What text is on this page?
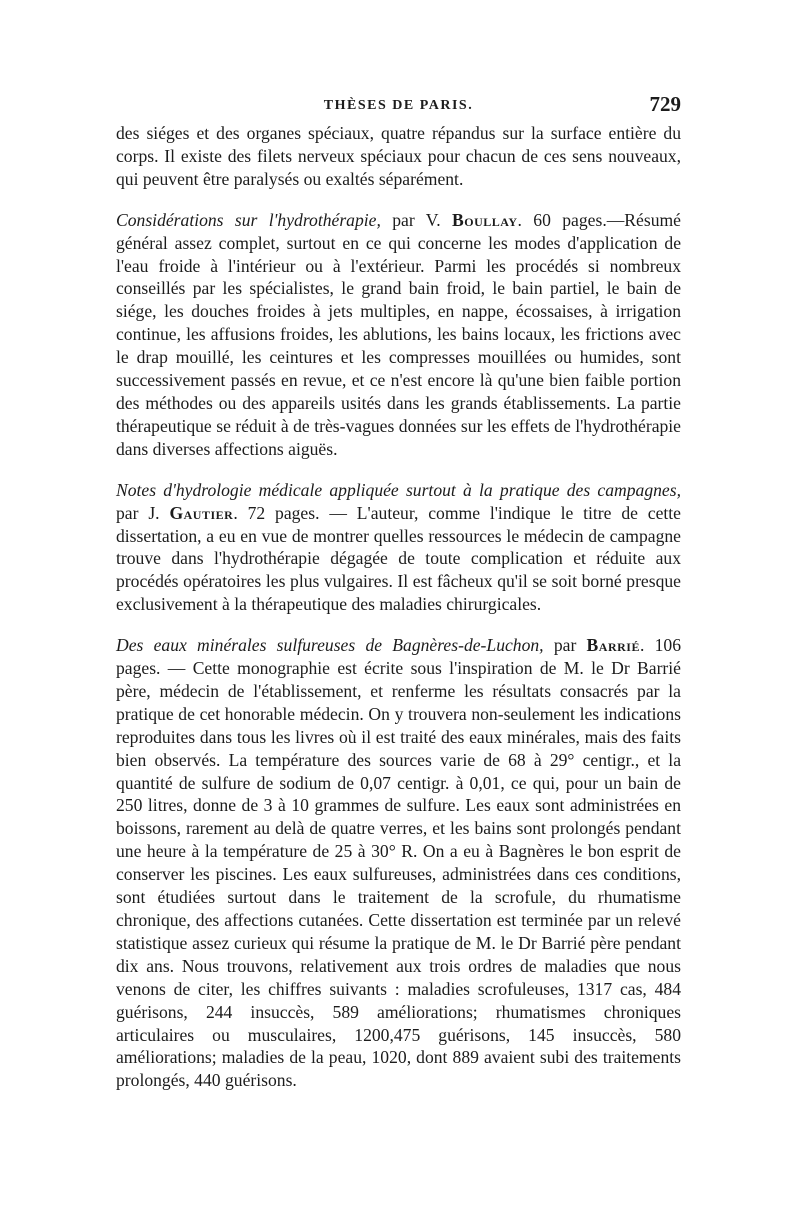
THÈSES DE PARIS.	729

des siéges et des organes spéciaux, quatre répandus sur la surface entière du corps. Il existe des filets nerveux spéciaux pour chacun de ces sens nouveaux, qui peuvent être paralysés ou exaltés séparément.

Considérations sur l'hydrothérapie, par V. Boullay. 60 pages.—Résumé général assez complet, surtout en ce qui concerne les modes d'application de l'eau froide à l'intérieur ou à l'extérieur. Parmi les procédés si nombreux conseillés par les spécialistes, le grand bain froid, le bain partiel, le bain de siége, les douches froides à jets multiples, en nappe, écossaises, à irrigation continue, les affusions froides, les ablutions, les bains locaux, les frictions avec le drap mouillé, les ceintures et les compresses mouillées ou humides, sont successivement passés en revue, et ce n'est encore là qu'une bien faible portion des méthodes ou des appareils usités dans les grands établissements. La partie thérapeutique se réduit à de très-vagues données sur les effets de l'hydrothérapie dans diverses affections aiguës.

Notes d'hydrologie médicale appliquée surtout à la pratique des campagnes, par J. Gautier. 72 pages. — L'auteur, comme l'indique le titre de cette dissertation, a eu en vue de montrer quelles ressources le médecin de campagne trouve dans l'hydrothérapie dégagée de toute complication et réduite aux procédés opératoires les plus vulgaires. Il est fâcheux qu'il se soit borné presque exclusivement à la thérapeutique des maladies chirurgicales.

Des eaux minérales sulfureuses de Bagnères-de-Luchon, par Barrié. 106 pages. — Cette monographie est écrite sous l'inspiration de M. le Dr Barrié père, médecin de l'établissement, et renferme les résultats consacrés par la pratique de cet honorable médecin. On y trouvera non-seulement les indications reproduites dans tous les livres où il est traité des eaux minérales, mais des faits bien observés. La température des sources varie de 68 à 29° centigr., et la quantité de sulfure de sodium de 0,07 centigr. à 0,01, ce qui, pour un bain de 250 litres, donne de 3 à 10 grammes de sulfure. Les eaux sont administrées en boissons, rarement au delà de quatre verres, et les bains sont prolongés pendant une heure à la température de 25 à 30° R. On a eu à Bagnères le bon esprit de conserver les piscines. Les eaux sulfureuses, administrées dans ces conditions, sont étudiées surtout dans le traitement de la scrofule, du rhumatisme chronique, des affections cutanées. Cette dissertation est terminée par un relevé statistique assez curieux qui résume la pratique de M. le Dr Barrié père pendant dix ans. Nous trouvons, relativement aux trois ordres de maladies que nous venons de citer, les chiffres suivants : maladies scrofuleuses, 1317 cas, 484 guérisons, 244 insuccès, 589 améliorations; rhumatismes chroniques articulaires ou musculaires, 1200,475 guérisons, 145 insuccès, 580 améliorations; maladies de la peau, 1020, dont 889 avaient subi des traitements prolongés, 440 guérisons.
